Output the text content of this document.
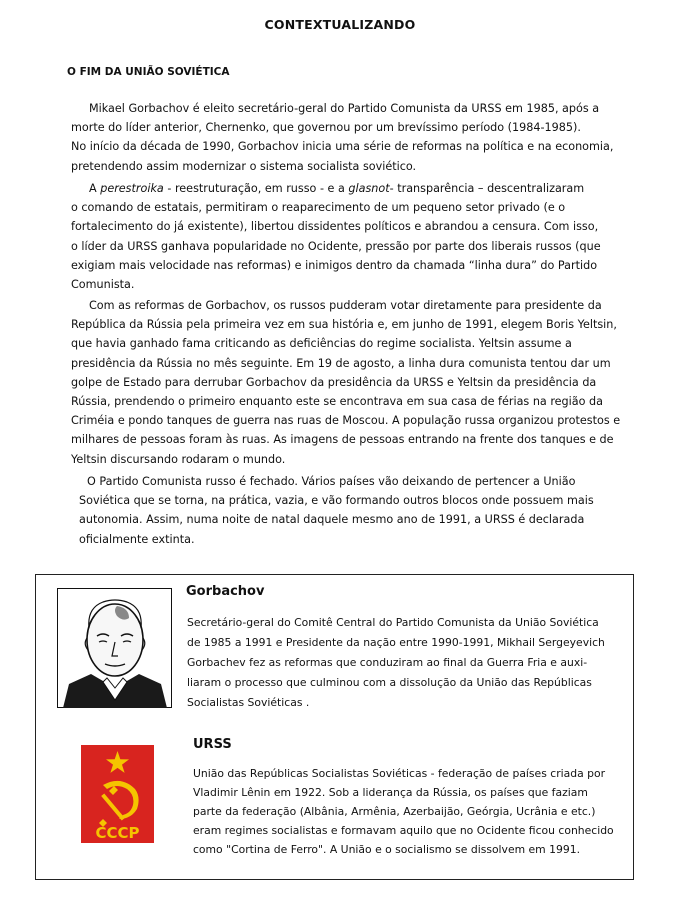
CONTEXTUALIZANDO
O FIM DA UNIÃO SOVIÉTICA
Mikael Gorbachov é eleito secretário-geral do Partido Comunista da URSS em 1985, após a
morte do líder anterior, Chernenko, que governou por um brevíssimo período (1984-1985).
No início da década de 1990, Gorbachov inicia uma série de reformas na política e na economia,
pretendendo assim modernizar o sistema socialista soviético.
A perestroika - reestruturação, em russo - e a glasnot- transparência – descentralizaram
o comando de estatais, permitiram o reaparecimento de um pequeno setor privado (e o
fortalecimento do já existente), libertou dissidentes políticos e abrandou a censura. Com isso,
o líder da URSS ganhava popularidade no Ocidente, pressão por parte dos liberais russos (que
exigiam mais velocidade nas reformas) e inimigos dentro da chamada “linha dura” do Partido
Comunista.
Com as reformas de Gorbachov, os russos pudderam votar diretamente para presidente da
República da Rússia pela primeira vez em sua história e, em junho de 1991, elegem Boris Yeltsin,
que havia ganhado fama criticando as deficiências do regime socialista. Yeltsin assume a
presidência da Rússia no mês seguinte. Em 19 de agosto, a linha dura comunista tentou dar um
golpe de Estado para derrubar Gorbachov da presidência da URSS e Yeltsin da presidência da
Rússia, prendendo o primeiro enquanto este se encontrava em sua casa de férias na região da
Criméia e pondo tanques de guerra nas ruas de Moscou. A população russa organizou protestos e
milhares de pessoas foram às ruas. As imagens de pessoas entrando na frente dos tanques e de
Yeltsin discursando rodaram o mundo.
O Partido Comunista russo é fechado. Vários países vão deixando de pertencer a União
Soviética que se torna, na prática, vazia, e vão formando outros blocos onde possuem mais
autonomia. Assim, numa noite de natal daquele mesmo ano de 1991, a URSS é declarada
oficialmente extinta.
Gorbachov
Secretário-geral do Comitê Central do Partido Comunista da União Soviética
de 1985 a 1991 e Presidente da nação entre 1990-1991, Mikhail Sergeyevich
Gorbachev fez as reformas que conduziram ao final da Guerra Fria e auxi-
liaram o processo que culminou com a dissolução da União das Repúblicas
Socialistas Soviéticas .
CCCP
URSS
União das Repúblicas Socialistas Soviéticas - federação de países criada por
Vladimir Lênin em 1922. Sob a liderança da Rússia, os países que faziam
parte da federação (Albânia, Armênia, Azerbaijão, Geórgia, Ucrânia e etc.)
eram regimes socialistas e formavam aquilo que no Ocidente ficou conhecido
como "Cortina de Ferro". A União e o socialismo se dissolvem em 1991.
